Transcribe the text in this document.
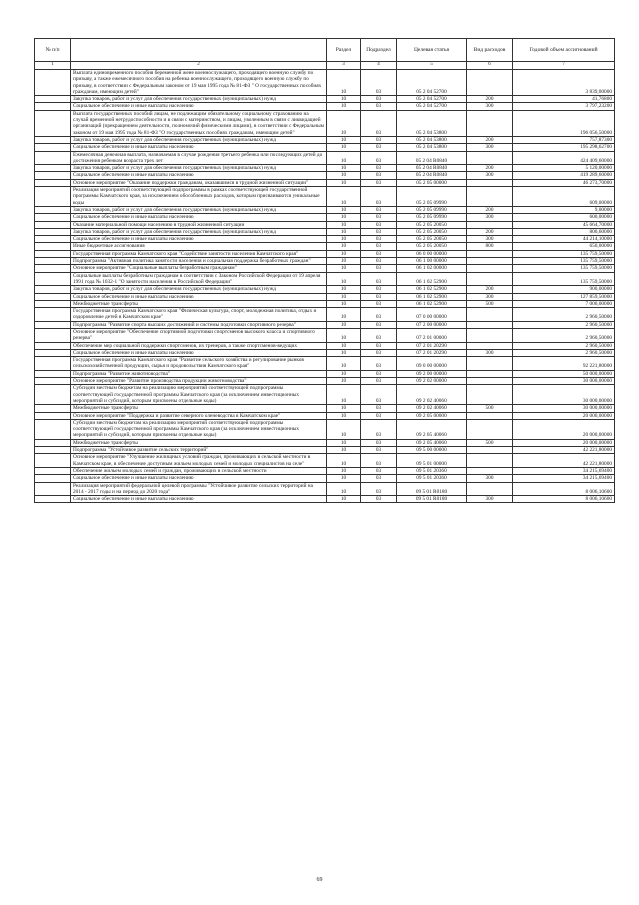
№ п/п		Раздел	Подраздел	Целевая статья	Вид расходов	Годовой объем ассигнований
1	2	3	4	5	6	7
	Выплата единовременного пособия беременной жене военнослужащего, проходящего военную службу по призыву, а также ежемесячного пособия на ребенка военнослужащего, проходящего военную службу по призыву, в соответствии с Федеральным законом от 19 мая 1995 года № 81-ФЗ " О государственных пособиях гражданам, имеющим детей"	10	03	05 2 04 52700		3 839,00000
	Закупка товаров, работ и услуг для обеспечения государственных (муниципальных) нужд	10	03	05 2 04 52700	200	41,76800
	Социальное обеспечение и иные выплаты населению	10	03	05 2 04 52700	300	3 797,23200
	Выплата государственных пособий лицам, не подлежащим обязательному социальному страхованию на случай временной нетрудоспособности и в связи с материнством, и лицам, уволенным в связи с ликвидацией организаций (прекращением деятельности, полномочий физическими лицами), в соответствии с Федеральным законом от 19 мая 1995 года № 81-ФЗ "О государственных пособиях гражданам, имеющим детей"	10	03	05 2 04 53800		196 056,50000
	Закупка товаров, работ и услуг для обеспечения государственных (муниципальных) нужд	10	03	05 2 04 53800	200	757,87300
	Социальное обеспечение и иные выплаты населению	10	03	05 2 04 53800	300	195 298,62700
	Ежемесячная денежная выплата, назначаемая в случае рождения третьего ребенка или последующих детей до достижения ребенком возраста трех лет	10	03	05 2 04 R0840		424 409,60000
	Закупка товаров, работ и услуг для обеспечения государственных (муниципальных) нужд	10	03	05 2 04 R0840	200	5 120,00000
	Социальное обеспечение и иные выплаты населению	10	03	05 2 04 R0840	300	419 289,60000
	Основное мероприятие "Оказание поддержки гражданам, оказавшимся в трудной жизненной ситуации"	10	03	05 2 05 00000		46 273,70000
	Реализация мероприятий соответствующей подпрограммы в рамках соответствующей государственной программы Камчатского края, за исключением обособленных расходов, которым присваиваются уникальные коды	10	03	05 2 05 09990		609,00000
	Закупка товаров, работ и услуг для обеспечения государственных (муниципальных) нужд	10	03	05 2 05 09990	200	9,00000
	Социальное обеспечение и иные выплаты населению	10	03	05 2 05 09990	300	600,00000
	Оказание материальной помощи населению в трудной жизненной ситуации	10	03	05 2 05 20050		45 664,70000
	Закупка товаров, работ и услуг для обеспечения государственных (муниципальных) нужд	10	03	05 2 05 20050	200	800,60000
	Социальное обеспечение и иные выплаты населению	10	03	05 2 05 20050	300	44 214,10000
	Иные бюджетные ассигнования	10	03	05 2 05 20050	800	650,00000
	Государственная программа Камчатского края "Содействие занятости населения Камчатского края"	10	03	06 0 00 00000		135 759,50000
	Подпрограмма "Активная политика занятости населения и социальная поддержка безработных граждан"	10	03	06 1 00 00000		135 759,50000
	Основное мероприятие "Социальные выплаты безработным гражданам"	10	03	06 1 02 00000		135 759,50000
	Социальные выплаты безработным гражданам в соответствии с Законом Российской Федерации от 19 апреля 1991 года № 1032-1 "О занятости населения в Российской Федерации"	10	03	06 1 02 52900		135 759,50000
	Закупка товаров, работ и услуг для обеспечения государственных (муниципальных) нужд	10	03	06 1 02 52900	200	900,00000
	Социальное обеспечение и иные выплаты населению	10	03	06 1 02 52900	300	127 859,50000
	Межбюджетные трансферты	10	03	06 1 02 52900	500	7 000,00000
	Государственная программа Камчатского края "Физическая культура, спорт, молодежная политика, отдых и оздоровление детей в Камчатском крае"	10	03	07 0 00 00000		2 960,50000
	Подпрограмма "Развитие спорта высших достижений и системы подготовки спортивного резерва"	10	03	07 2 00 00000		2 960,50000
	Основное мероприятие "Обеспечение спортивной подготовки спортсменов высокого класса и спортивного резерва"	10	03	07 2 01 00000		2 960,50000
	Обеспечение мер социальной поддержки спортсменов, их тренеров, а также спортсменов-ведущих	10	03	07 2 01 20290		2 960,50000
	Социальное обеспечение и иные выплаты населению	10	03	07 2 01 20290	300	2 960,50000
	Государственная программа Камчатского края "Развитие сельского хозяйства и регулирование рынков сельскохозяйственной продукции, сырья и продовольствия Камчатского края"	10	03	09 0 00 00000		92 221,80000
	Подпрограмма "Развитие животноводства"	10	03	09 2 00 00000		50 000,00000
	Основное мероприятие "Развитие производства продукции животноводства"	10	03	09 2 02 00000		30 000,00000
	Субсидии местным бюджетам на реализацию мероприятий соответствующей подпрограммы соответствующей государственной программы Камчатского края (за исключением инвестиционных мероприятий и субсидий, которым присвоены отдельные коды)	10	03	09 2 02 40060		30 000,00000
	Межбюджетные трансферты	10	03	09 2 02 40060	500	30 000,00000
	Основное мероприятие "Поддержка и развитие северного оленеводства в Камчатском крае"	10	03	09 2 05 00000		20 000,00000
	Субсидии местным бюджетам на реализацию мероприятий соответствующей подпрограммы соответствующей государственной программы Камчатского края (за исключением инвестиционных мероприятий и субсидий, которым присвоены отдельные коды)	10	03	09 2 05 40060		20 000,00000
	Межбюджетные трансферты	10	03	09 2 05 40060	500	20 000,00000
	Подпрограмма "Устойчивое развитие сельских территорий"	10	03	09 5 00 00000		42 221,80000
	Основное мероприятие "Улучшение жилищных условий граждан, проживающих в сельской местности в Камчатском крае, в обеспечение доступным жильем молодых семей и молодых специалистов на селе"	10	03	09 5 01 00000		42 221,80000
	Обеспечение жильем молодых семей и граждан, проживающих в сельской местности	10	03	09 5 01 20360		34 215,69400
	Социальное обеспечение и иные выплаты населению	10	03	09 5 01 20360	300	34 215,69400
	Реализация мероприятий федеральной целевой программы "Устойчивое развитие сельских территорий на 2014 - 2017 годы и на период до 2020 года"	10	03	09 5 01 R0180		8 006,10600
	Социальное обеспечение и иные выплаты населению	10	03	09 5 01 R0180	300	8 006,10600
69
